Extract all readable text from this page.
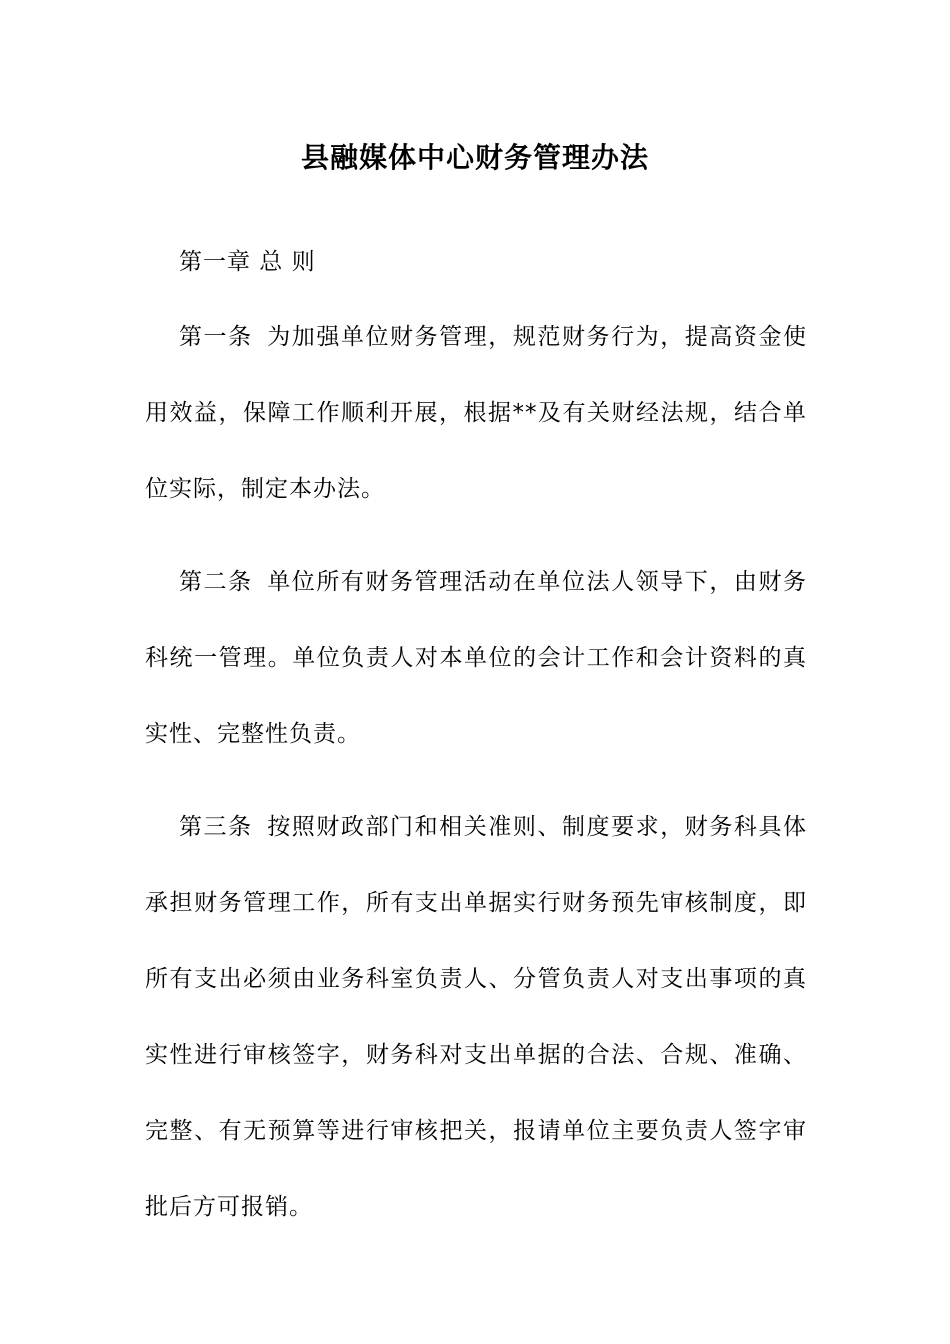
县融媒体中心财务管理办法
第一章 总 则

第一条 为加强单位财务管理，规范财务行为，提高资金使用效益，保障工作顺利开展，根据**及有关财经法规，结合单位实际，制定本办法。

第二条 单位所有财务管理活动在单位法人领导下，由财务科统一管理。单位负责人对本单位的会计工作和会计资料的真实性、完整性负责。

第三条 按照财政部门和相关准则、制度要求，财务科具体承担财务管理工作，所有支出单据实行财务预先审核制度，即所有支出必须由业务科室负责人、分管负责人对支出事项的真实性进行审核签字，财务科对支出单据的合法、合规、准确、完整、有无预算等进行审核把关，报请单位主要负责人签字审批后方可报销。
